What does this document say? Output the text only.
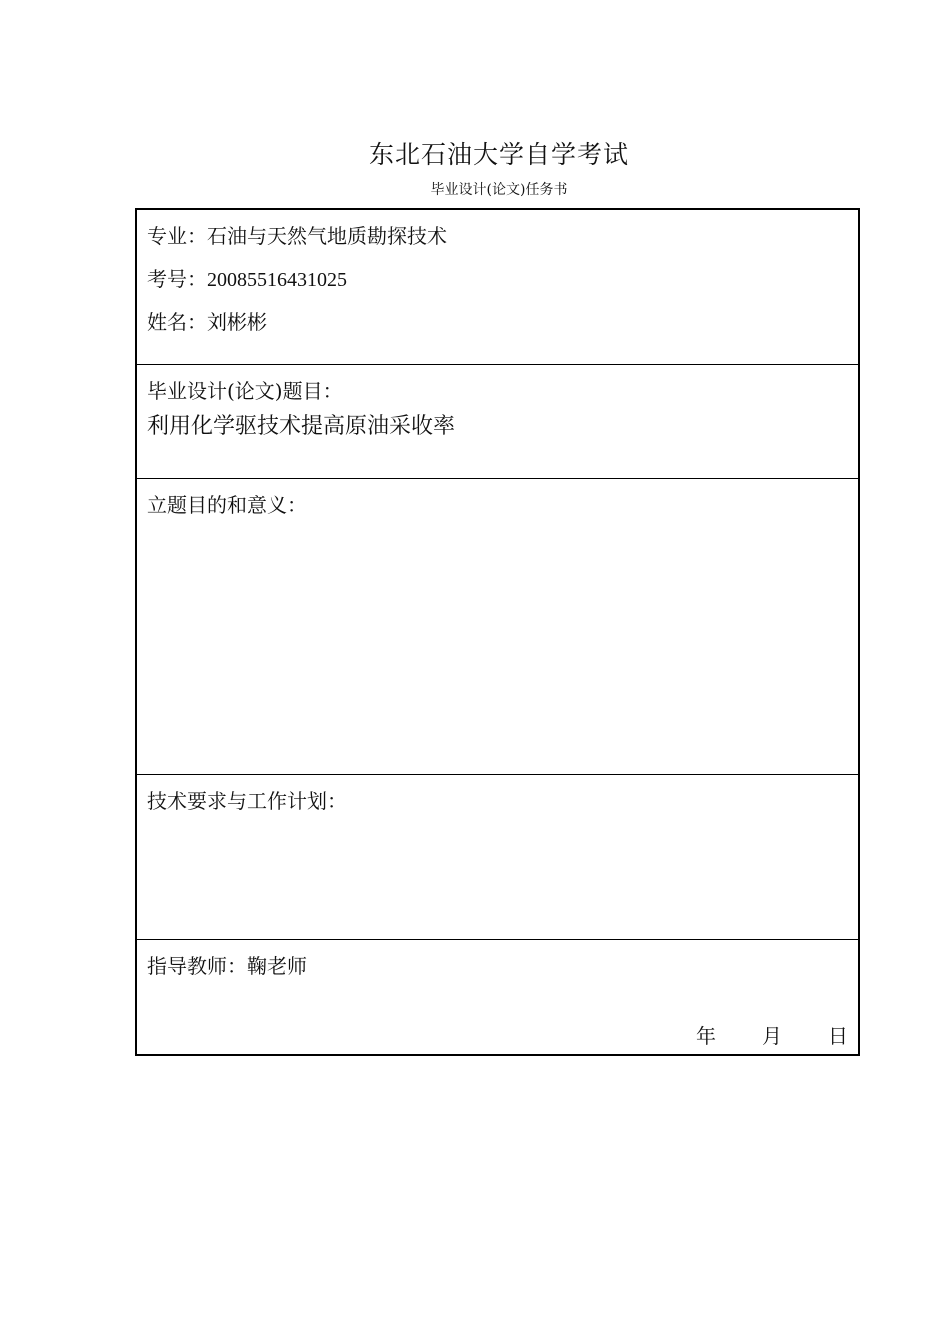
东北石油大学自学考试
毕业设计(论文)任务书
专业：石油与天然气地质勘探技术
考号：20085516431025
姓名：刘彬彬
毕业设计(论文)题目：
利用化学驱技术提高原油采收率
立题目的和意义：
技术要求与工作计划：
指导教师：鞠老师
年 月 日
